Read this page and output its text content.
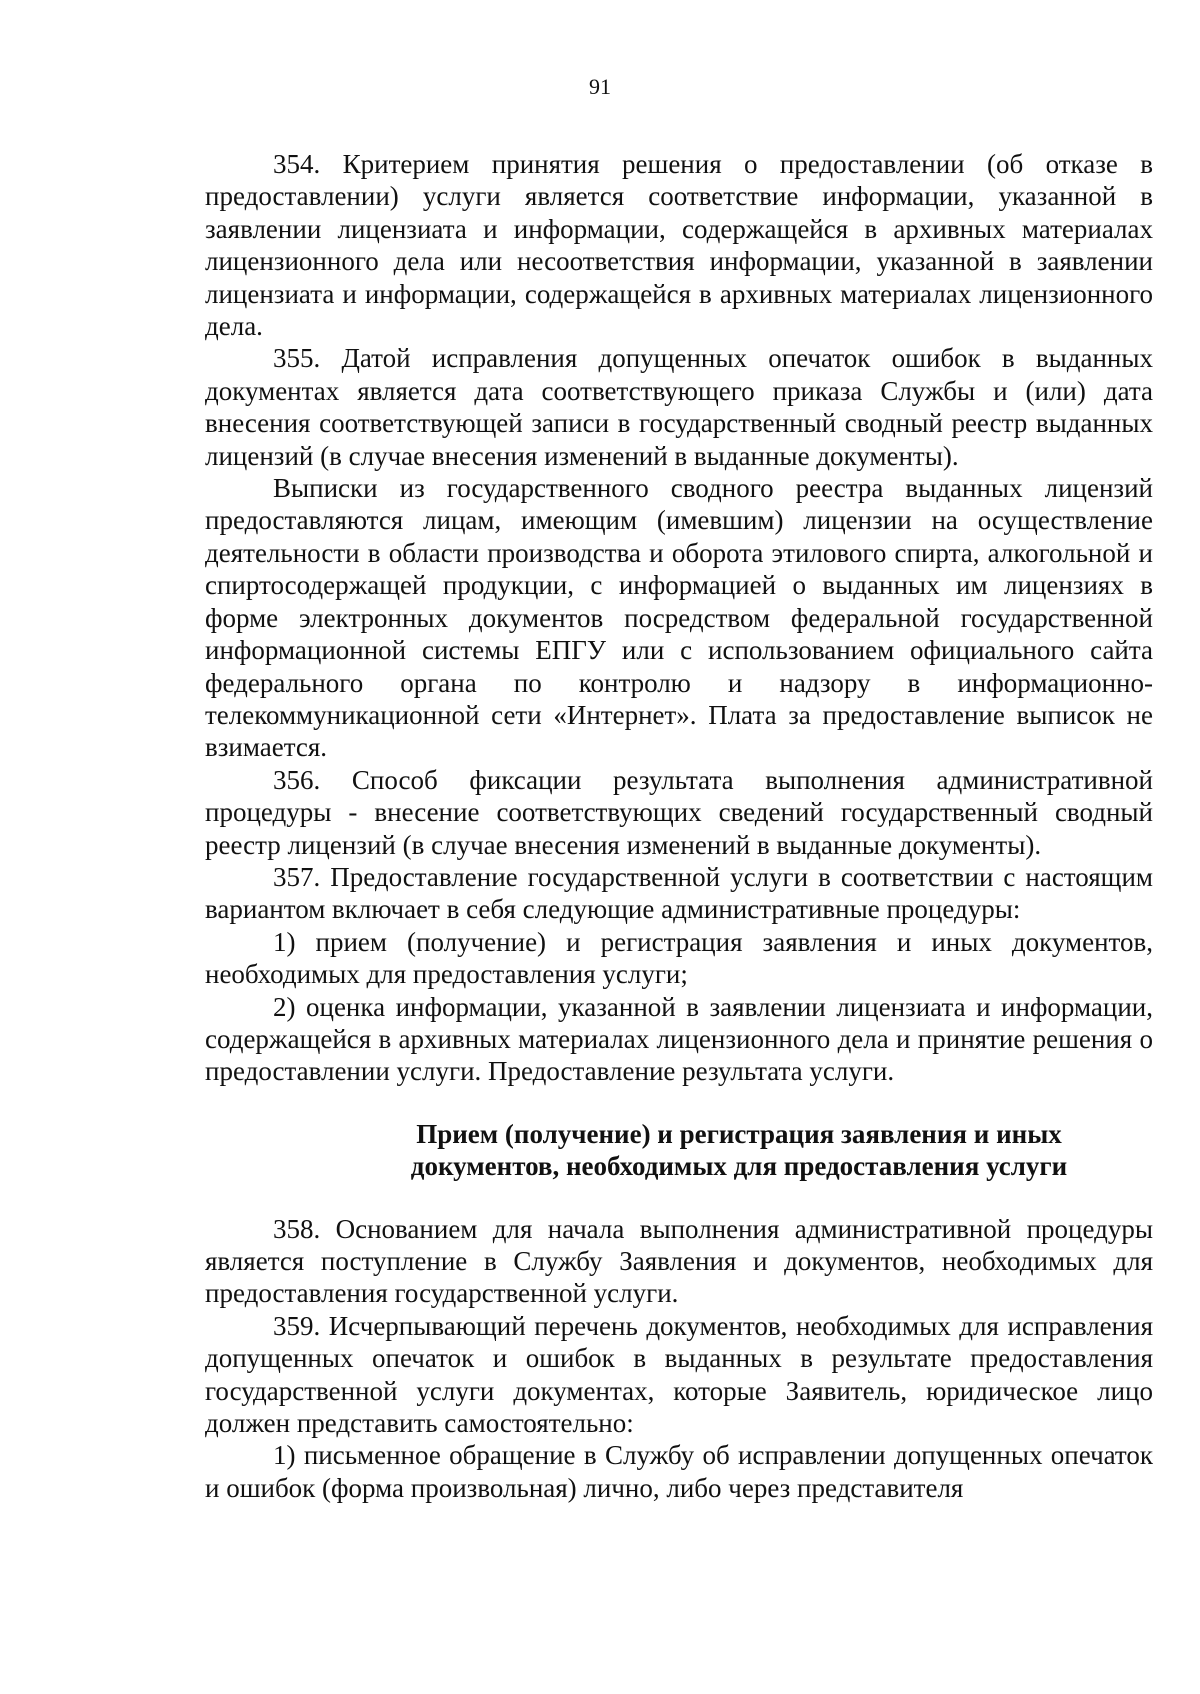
91

354. Критерием принятия решения о предоставлении (об отказе в предоставлении) услуги является соответствие информации, указанной в заявлении лицензиата и информации, содержащейся в архивных материалах лицензионного дела или несоответствия информации, указанной в заявлении лицензиата и информации, содержащейся в архивных материалах лицензионного дела.

355. Датой исправления допущенных опечаток ошибок в выданных документах является дата соответствующего приказа Службы и (или) дата внесения соответствующей записи в государственный сводный реестр выданных лицензий (в случае внесения изменений в выданные документы).

Выписки из государственного сводного реестра выданных лицензий предоставляются лицам, имеющим (имевшим) лицензии на осуществление деятельности в области производства и оборота этилового спирта, алкогольной и спиртосодержащей продукции, с информацией о выданных им лицензиях в форме электронных документов посредством федеральной государственной информационной системы ЕПГУ или с использованием официального сайта федерального органа по контролю и надзору в информационно-телекоммуникационной сети «Интернет». Плата за предоставление выписок не взимается.

356. Способ фиксации результата выполнения административной процедуры - внесение соответствующих сведений государственный сводный реестр лицензий (в случае внесения изменений в выданные документы).

357. Предоставление государственной услуги в соответствии с настоящим вариантом включает в себя следующие административные процедуры:

1) прием (получение) и регистрация заявления и иных документов, необходимых для предоставления услуги;

2) оценка информации, указанной в заявлении лицензиата и информации, содержащейся в архивных материалах лицензионного дела и принятие решения о предоставлении услуги. Предоставление результата услуги.

Прием (получение) и регистрация заявления и иных

документов, необходимых для предоставления услуги

358. Основанием для начала выполнения административной процедуры является поступление в Службу Заявления и документов, необходимых для предоставления государственной услуги.

359. Исчерпывающий перечень документов, необходимых для исправления допущенных опечаток и ошибок в выданных в результате предоставления государственной услуги документах, которые Заявитель, юридическое лицо должен представить самостоятельно:

1) письменное обращение в Службу об исправлении допущенных опечаток и ошибок (форма произвольная) лично, либо через представителя
